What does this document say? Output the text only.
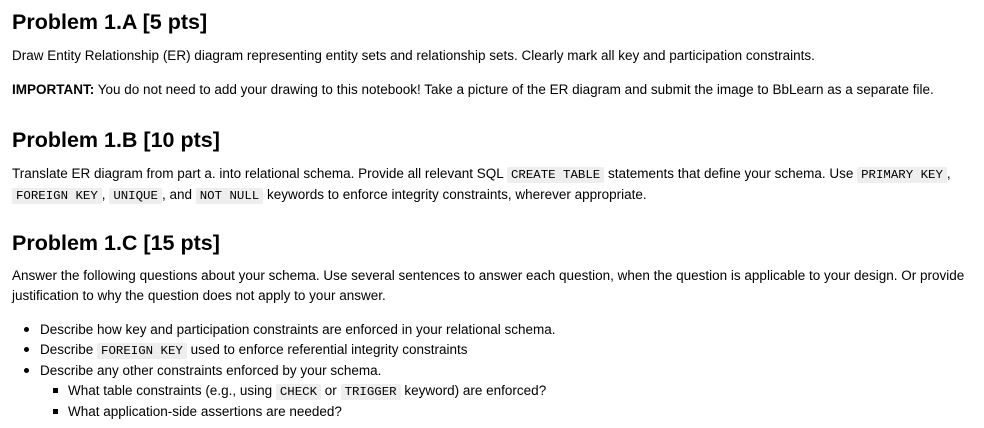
Problem 1.A [5 pts]

Draw Entity Relationship (ER) diagram representing entity sets and relationship sets. Clearly mark all key and participation constraints.

IMPORTANT: You do not need to add your drawing to this notebook! Take a picture of the ER diagram and submit the image to BbLearn as a separate file.

Problem 1.B [10 pts]

Translate ER diagram from part a. into relational schema. Provide all relevant SQL CREATE TABLE statements that define your schema. Use PRIMARY KEY , FOREIGN KEY , UNIQUE , and NOT NULL keywords to enforce integrity constraints, wherever appropriate.

Problem 1.C [15 pts]

Answer the following questions about your schema. Use several sentences to answer each question, when the question is applicable to your design. Or provide justification to why the question does not apply to your answer.

Describe how key and participation constraints are enforced in your relational schema.
Describe FOREIGN KEY used to enforce referential integrity constraints
Describe any other constraints enforced by your schema.
What table constraints (e.g., using CHECK or TRIGGER keyword) are enforced?
What application-side assertions are needed?
